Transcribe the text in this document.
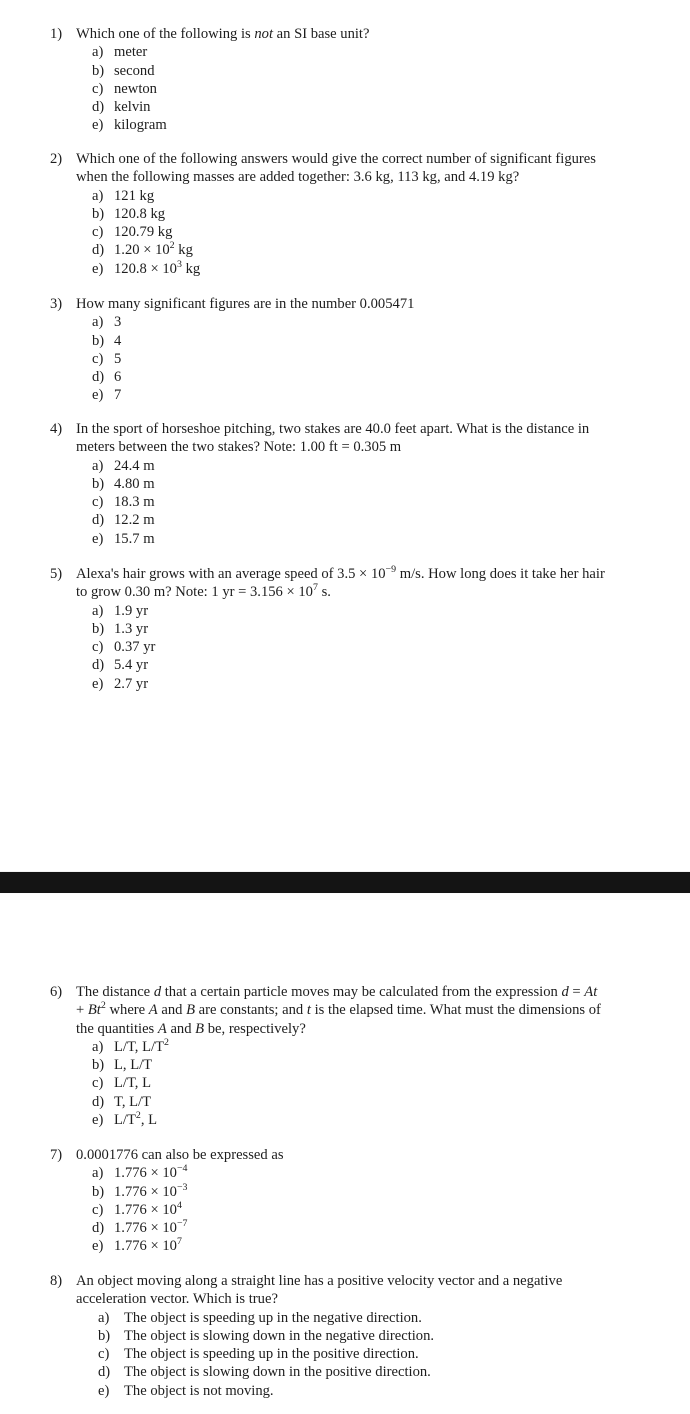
1) Which one of the following is not an SI base unit?
a) meter
b) second
c) newton
d) kelvin
e) kilogram
2) Which one of the following answers would give the correct number of significant figures
when the following masses are added together: 3.6 kg, 113 kg, and 4.19 kg?
a) 121 kg
b) 120.8 kg
c) 120.79 kg
d) $1.20 \times 10^2$ kg
e) $120.8 \times 10^3$ kg
3) How many significant figures are in the number 0.005471
a) 3
b) 4
c) 5
d) 6
e) 7
4) In the sport of horseshoe pitching, two stakes are 40.0 feet apart. What is the distance in
meters between the two stakes? Note: 1.00 ft = 0.305 m
a) 24.4 m
b) 4.80 m
c) 18.3 m
d) 12.2 m
e) 15.7 m
5) Alexa's hair grows with an average speed of $3.5 \times 10^{-9}$ m/s. How long does it take her hair
to grow 0.30 m? Note: 1 yr = $3.156 \times 10^7$ s.
a) 1.9 yr
b) 1.3 yr
c) 0.37 yr
d) 5.4 yr
e) 2.7 yr
6) The distance d that a certain particle moves may be calculated from the expression d = At
+ $Bt^2$ where A and B are constants; and t is the elapsed time. What must the dimensions of
the quantities A and B be, respectively?
a) L/T, $L/T^2$
b) L, L/T
c) L/T, L
d) T, L/T
e) $L/T^2$, L
7) 0.0001776 can also be expressed as
a) $1.776 \times 10^{-4}$
b) $1.776 \times 10^{-3}$
c) $1.776 \times 10^4$
d) $1.776 \times 10^{-7}$
e) $1.776 \times 10^7$
8) An object moving along a straight line has a positive velocity vector and a negative
acceleration vector. Which is true?
a)	The object is speeding up in the negative direction.
b) The object is slowing down in the negative direction.
c)	The object is speeding up in the positive direction.
d) The object is slowing down in the positive direction.
e)	The object is not moving.
